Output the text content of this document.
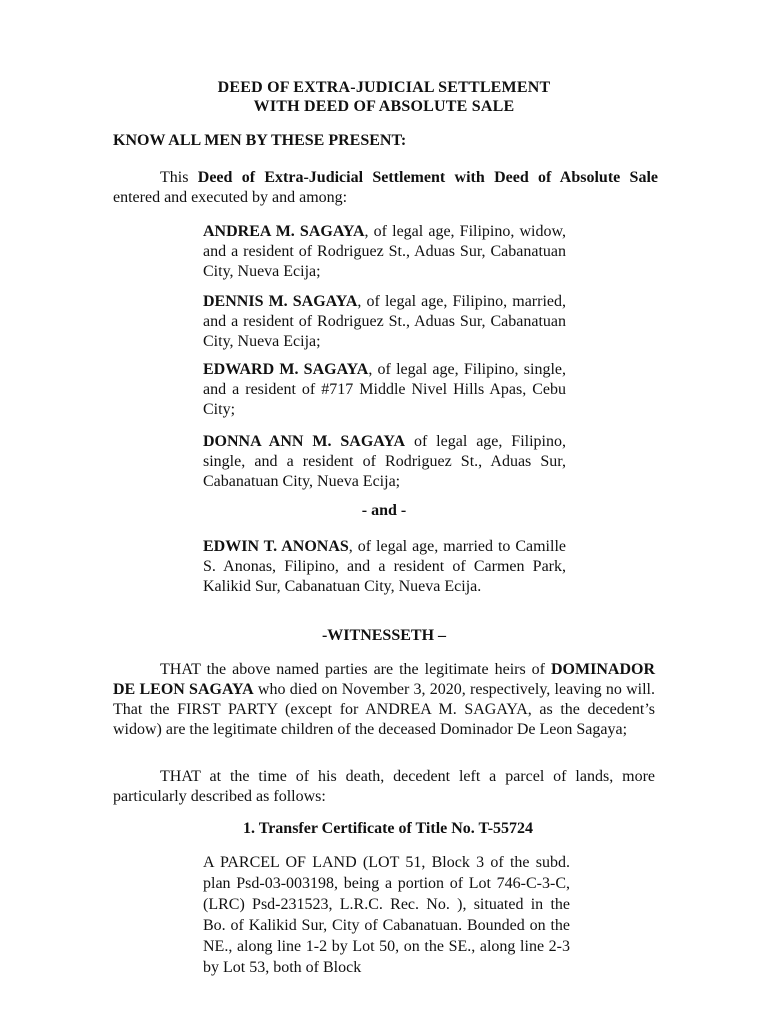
DEED OF EXTRA-JUDICIAL SETTLEMENT
WITH DEED OF ABSOLUTE SALE
KNOW ALL MEN BY THESE PRESENT:
This Deed of Extra-Judicial Settlement with Deed of Absolute Sale entered and executed by and among:
ANDREA M. SAGAYA, of legal age, Filipino, widow, and a resident of Rodriguez St., Aduas Sur, Cabanatuan City, Nueva Ecija;
DENNIS M. SAGAYA, of legal age, Filipino, married, and a resident of Rodriguez St., Aduas Sur, Cabanatuan City, Nueva Ecija;
EDWARD M. SAGAYA, of legal age, Filipino, single, and a resident of #717 Middle Nivel Hills Apas, Cebu City;
DONNA ANN M. SAGAYA of legal age, Filipino, single, and a resident of Rodriguez St., Aduas Sur, Cabanatuan City, Nueva Ecija;
- and -
EDWIN T. ANONAS, of legal age, married to Camille S. Anonas, Filipino, and a resident of Carmen Park, Kalikid Sur, Cabanatuan City, Nueva Ecija.
-WITNESSETH –
THAT the above named parties are the legitimate heirs of DOMINADOR DE LEON SAGAYA who died on November 3, 2020, respectively, leaving no will. That the FIRST PARTY (except for ANDREA M. SAGAYA, as the decedent’s widow) are the legitimate children of the deceased Dominador De Leon Sagaya;
THAT at the time of his death, decedent left a parcel of lands, more particularly described as follows:
1. Transfer Certificate of Title No. T-55724
A PARCEL OF LAND (LOT 51, Block 3 of the subd. plan Psd-03-003198, being a portion of Lot 746-C-3-C, (LRC) Psd-231523, L.R.C. Rec. No. ), situated in the Bo. of Kalikid Sur, City of Cabanatuan. Bounded on the NE., along line 1-2 by Lot 50, on the SE., along line 2-3 by Lot 53, both of Block
